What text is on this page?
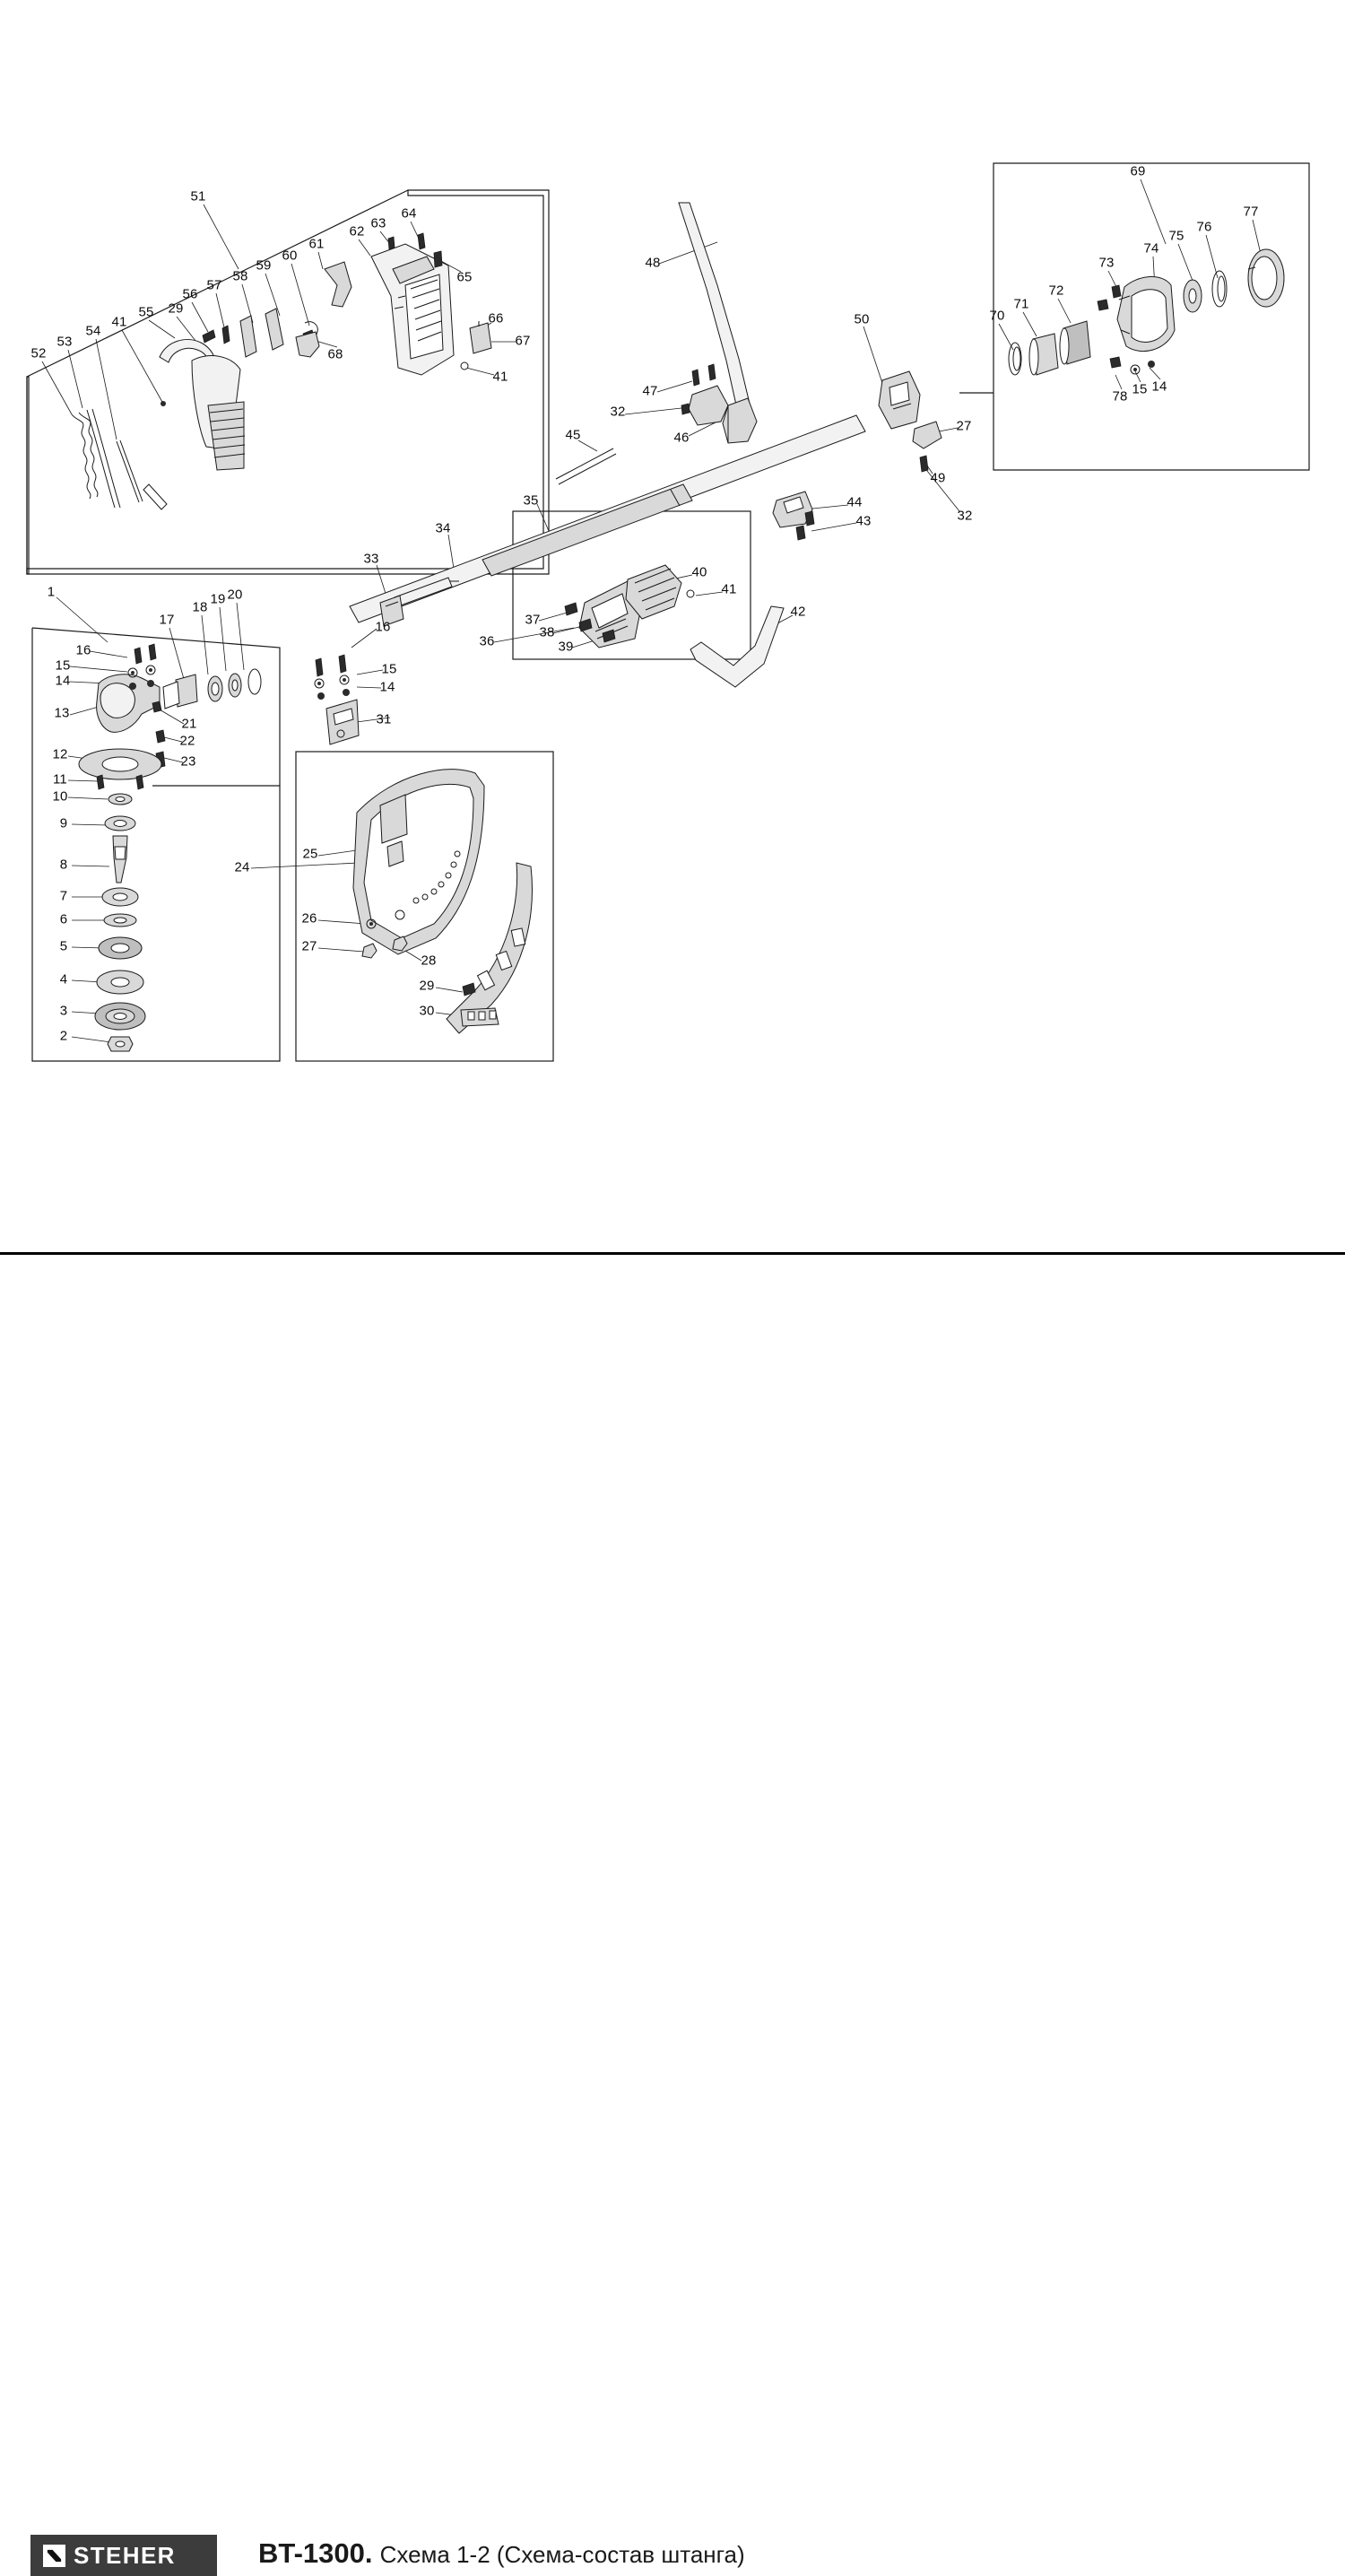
51
63
64
62
61
60
59
65
58
57
56
29
55
41	66
67
54
53
52	68
41
48
50
47
32
46
27
49
32
45
35
34
44
43
33
40
41
37
38
36	39
42
1
17
18
19 20
16
15
14
16
15
14
13
21
22
23
31
12
11
10
9
8
7
6
5
4
3
2
24
25
26
27
28
29
30
69
77
76
75
74
73
72
71
70
78 15 14
STEHER	BT-1300. Схема 1-2 (Схема-состав штанга)
